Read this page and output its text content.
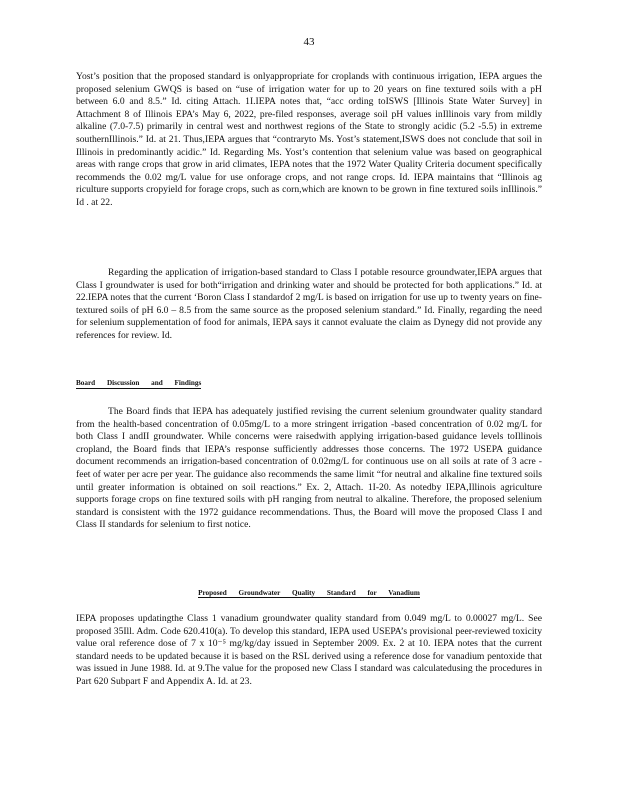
43

Yost’s position that the proposed standard is onlyappropriate for croplands with continuous irrigation, IEPA argues the proposed selenium GWQS is based on “use of irrigation water for up to 20 years on fine textured soils with a pH between 6.0 and 8.5.” Id. citing Attach. 1I.IEPA notes that, “acc ording toISWS [Illinois State Water Survey] in Attachment 8 of Illinois EPA’s May 6, 2022, pre-filed responses, average soil pH values inIllinois vary from mildly alkaline (7.0-7.5) primarily in central west and northwest regions of the State to strongly acidic (5.2 -5.5) in extreme southernIllinois.” Id. at 21. Thus,IEPA argues that “contraryto Ms. Yost’s statement,ISWS does not conclude that soil in Illinois in predominantly acidic.” Id. Regarding Ms. Yost’s contention that selenium value was based on geographical areas with range crops that grow in arid climates, IEPA notes that the 1972 Water Quality Criteria document specifically recommends the 0.02 mg/L value for use onforage crops, and not range crops. Id. IEPA maintains that “Illinois ag riculture supports cropyield for forage crops, such as corn,which are known to be grown in fine textured soils inIllinois.” Id . at 22.

Regarding the application of irrigation-based standard to Class I potable resource groundwater,IEPA argues that Class I groundwater is used for both“irrigation and drinking water and should be protected for both applications.” Id. at 22.IEPA notes that the current ‘Boron Class I standardof 2 mg/L is based on irrigation for use up to twenty years on fine-textured soils of pH 6.0 – 8.5 from the same source as the proposed selenium standard.” Id. Finally, regarding the need for selenium supplementation of food for animals, IEPA says it cannot evaluate the claim as Dynegy did not provide any references for review. Id.

Board Discussion and Findings

The Board finds that IEPA has adequately justified revising the current selenium groundwater quality standard from the health-based concentration of 0.05mg/L to a more stringent irrigation -based concentration of 0.02 mg/L for both Class I andII groundwater. While concerns were raisedwith applying irrigation-based guidance levels toIllinois cropland, the Board finds that IEPA’s response sufficiently addresses those concerns. The 1972 USEPA guidance document recommends an irrigation-based concentration of 0.02mg/L for continuous use on all soils at rate of 3 acre -feet of water per acre per year. The guidance also recommends the same limit “for neutral and alkaline fine textured soils until greater information is obtained on soil reactions.” Ex. 2, Attach. 1I-20. As notedby IEPA,Illinois agriculture supports forage crops on fine textured soils with pH ranging from neutral to alkaline. Therefore, the proposed selenium standard is consistent with the 1972 guidance recommendations. Thus, the Board will move the proposed Class I and Class II standards for selenium to first notice.

Proposed Groundwater Quality Standard for Vanadium

IEPA proposes updatingthe Class 1 vanadium groundwater quality standard from 0.049 mg/L to 0.00027 mg/L. See proposed 35Ill. Adm. Code 620.410(a). To develop this standard, IEPA used USEPA’s provisional peer-reviewed toxicity value oral reference dose of 7 x 10⁻⁵ mg/kg/day issued in September 2009. Ex. 2 at 10. IEPA notes that the current standard needs to be updated because it is based on the RSL derived using a reference dose for vanadium pentoxide that was issued in June 1988. Id. at 9.The value for the proposed new Class I standard was calculatedusing the procedures in Part 620 Subpart F and Appendix A. Id. at 23.
